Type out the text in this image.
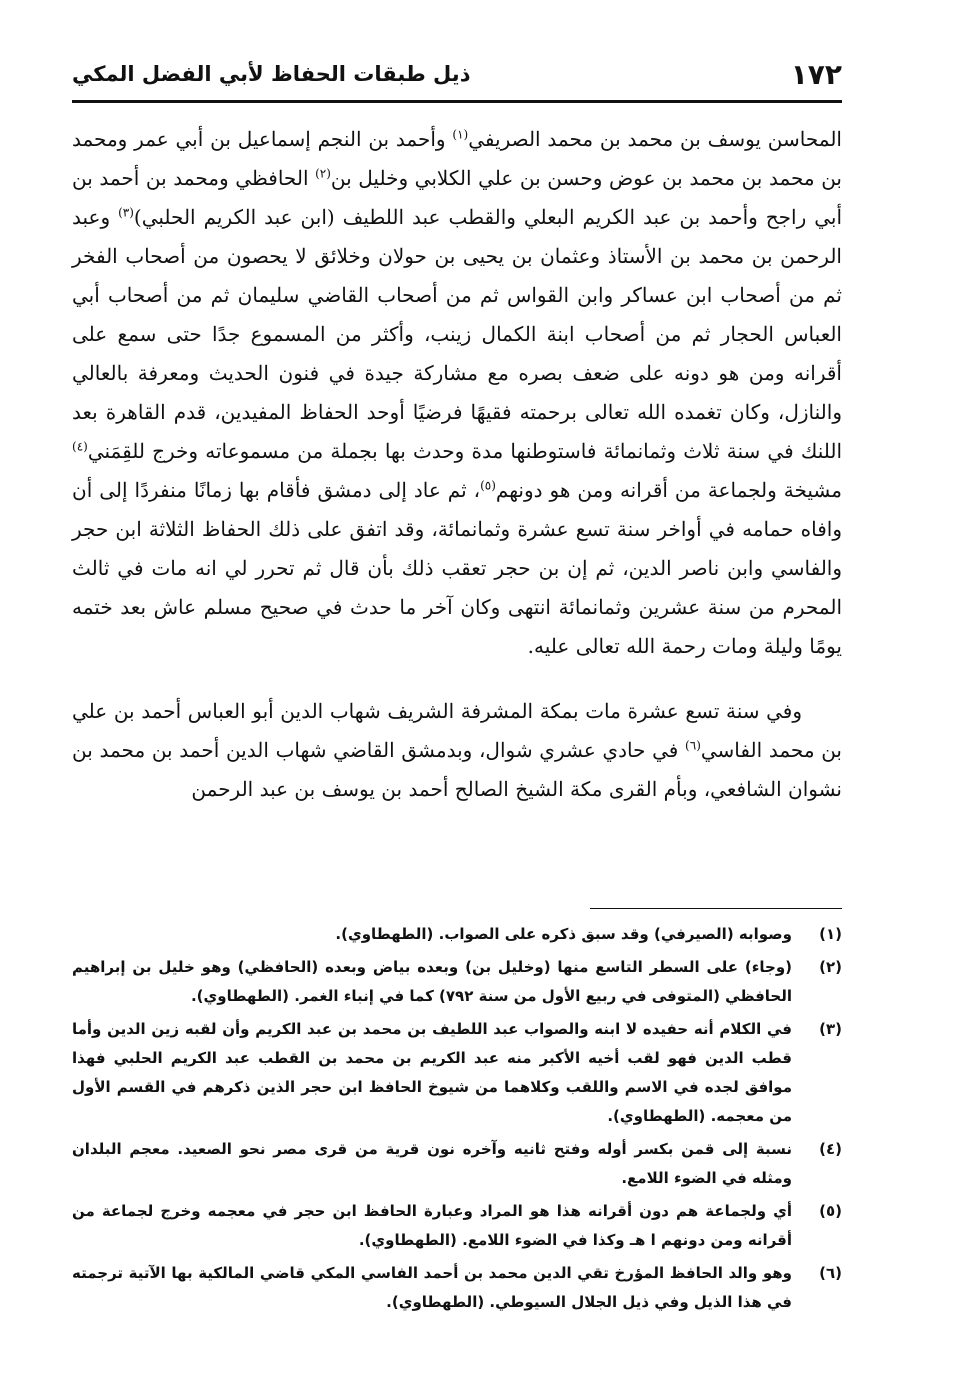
١٧٢
ذيل طبقات الحفاظ لأبي الفضل المكي

المحاسن يوسف بن محمد بن محمد الصريفي$^{(١)}$ وأحمد بن النجم إسماعيل بن أبي عمر ومحمد بن محمد بن محمد بن عوض وحسن بن علي الكلابي وخليل بن$^{(٢)}$ الحافظي ومحمد بن أحمد بن أبي راجح وأحمد بن عبد الكريم البعلي والقطب عبد اللطيف (ابن عبد الكريم الحلبي)$^{(٣)}$ وعبد الرحمن بن محمد بن الأستاذ وعثمان بن يحيى بن حولان وخلائق لا يحصون من أصحاب الفخر ثم من أصحاب ابن عساكر وابن القواس ثم من أصحاب القاضي سليمان ثم من أصحاب أبي العباس الحجار ثم من أصحاب ابنة الكمال زينب، وأكثر من المسموع جدًا حتى سمع على أقرانه ومن هو دونه على ضعف بصره مع مشاركة جيدة في فنون الحديث ومعرفة بالعالي والنازل، وكان تغمده الله تعالى برحمته فقيهًا فرضيًا أوحد الحفاظ المفيدين، قدم القاهرة بعد اللنك في سنة ثلاث وثمانمائة فاستوطنها مدة وحدث بها بجملة من مسموعاته وخرج للقِمَني$^{(٤)}$ مشيخة ولجماعة من أقرانه ومن هو دونهم$^{(٥)}$، ثم عاد إلى دمشق فأقام بها زمانًا منفردًا إلى أن وافاه حمامه في أواخر سنة تسع عشرة وثمانمائة، وقد اتفق على ذلك الحفاظ الثلاثة ابن حجر والفاسي وابن ناصر الدين، ثم إن بن حجر تعقب ذلك بأن قال ثم تحرر لي انه مات في ثالث المحرم من سنة عشرين وثمانمائة انتهى وكان آخر ما حدث في صحيح مسلم عاش بعد ختمه يومًا وليلة ومات رحمة الله تعالى عليه.

وفي سنة تسع عشرة مات بمكة المشرفة الشريف شهاب الدين أبو العباس أحمد بن علي بن محمد الفاسي$^{(٦)}$ في حادي عشري شوال، وبدمشق القاضي شهاب الدين أحمد بن محمد بن نشوان الشافعي، وبأم القرى مكة الشيخ الصالح أحمد بن يوسف بن عبد الرحمن

(١)
وصوابه (الصيرفي) وقد سبق ذكره على الصواب. (الطهطاوي).
(٢)
(وجاء) على السطر التاسع منها (وخليل بن) وبعده بياض وبعده (الحافظي) وهو خليل بن إبراهيم الحافظي (المتوفى في ربيع الأول من سنة ٧٩٢) كما في إنباء الغمر. (الطهطاوي).
(٣)
في الكلام أنه حفيده لا ابنه والصواب عبد اللطيف بن محمد بن عبد الكريم وأن لقبه زين الدين وأما قطب الدين فهو لقب أخيه الأكبر منه عبد الكريم بن محمد بن القطب عبد الكريم الحلبي فهذا موافق لجده في الاسم واللقب وكلاهما من شيوخ الحافظ ابن حجر الذين ذكرهم في القسم الأول من معجمه. (الطهطاوي).
(٤)
نسبة إلى قمن بكسر أوله وفتح ثانيه وآخره نون قرية من قرى مصر نحو الصعيد. معجم البلدان ومثله في الضوء اللامع.
(٥)
أي ولجماعة هم دون أقرانه هذا هو المراد وعبارة الحافظ ابن حجر في معجمه وخرج لجماعة من أقرانه ومن دونهم ا هـ وكذا في الضوء اللامع. (الطهطاوي).
(٦)
وهو والد الحافظ المؤرخ تقي الدين محمد بن أحمد الفاسي المكي قاضي المالكية بها الآتية ترجمته في هذا الذيل وفي ذيل الجلال السيوطي. (الطهطاوي).
